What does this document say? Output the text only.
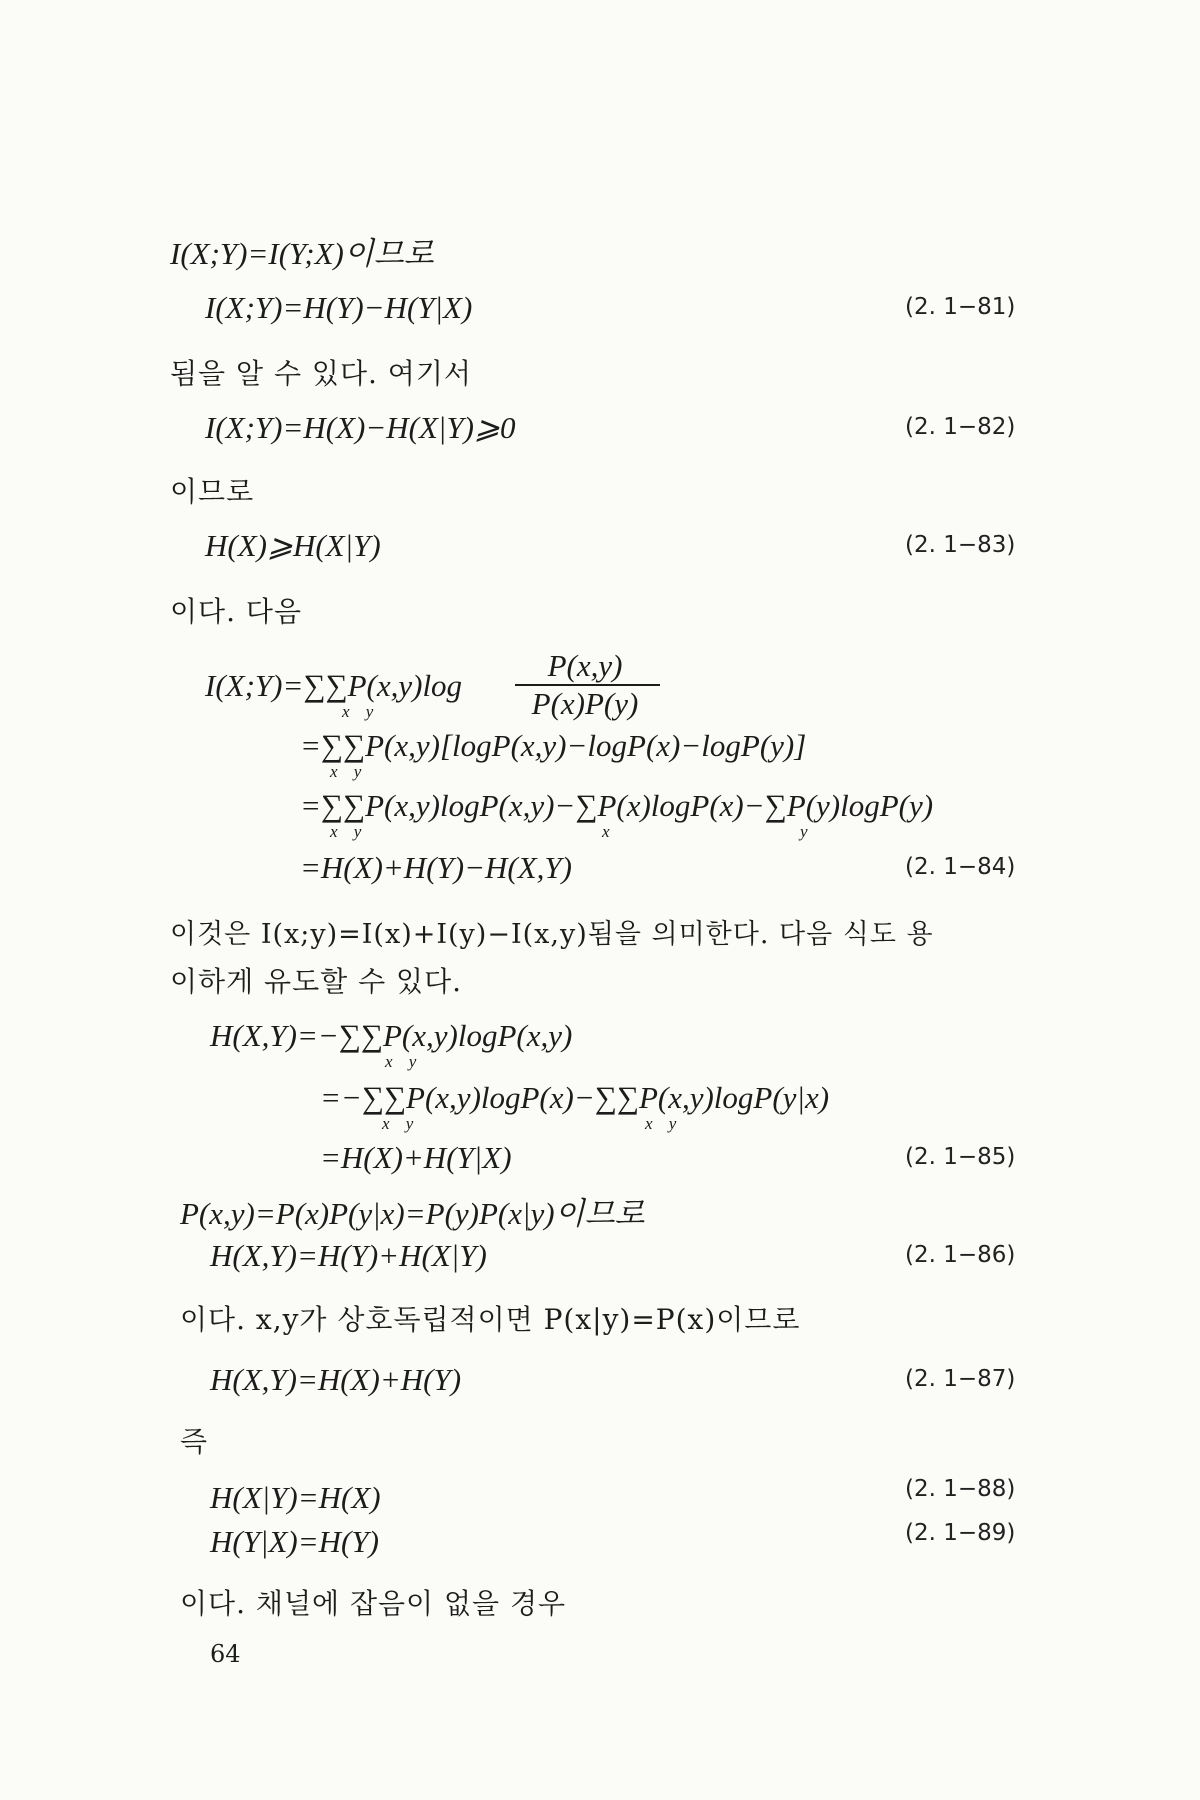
I(X;Y)=I(Y;X)이므로
I(X;Y)=H(Y)−H(Y|X)	(2. 1−81)
됨을 알 수 있다. 여기서
I(X;Y)=H(X)−H(X|Y)⩾0	(2. 1−82)
이므로
H(X)⩾H(X|Y)	(2. 1−83)
이다. 다음
I(X;Y)=∑∑P(x,y)log
P(x,y)
P(x)P(y)
x y
=∑∑P(x,y)[logP(x,y)−logP(x)−logP(y)]
x y
=∑∑P(x,y)logP(x,y)−∑P(x)logP(x)−∑P(y)logP(y)
x y	x	y
=H(X)+H(Y)−H(X,Y)	(2. 1−84)
이것은 I(x;y)=I(x)+I(y)−I(x,y)됨을 의미한다. 다음 식도 용
이하게 유도할 수 있다.
H(X,Y)=−∑∑P(x,y)logP(x,y)
x y
=−∑∑P(x,y)logP(x)−∑∑P(x,y)logP(y|x)
x y	x y
=H(X)+H(Y|X)	(2. 1−85)
P(x,y)=P(x)P(y|x)=P(y)P(x|y)이므로
H(X,Y)=H(Y)+H(X|Y)	(2. 1−86)
이다. x,y가 상호독립적이면 P(x|y)=P(x)이므로
H(X,Y)=H(X)+H(Y)	(2. 1−87)
즉
H(X|Y)=H(X)	(2. 1−88)
H(Y|X)=H(Y)	(2. 1−89)
이다. 채널에 잡음이 없을 경우
64
